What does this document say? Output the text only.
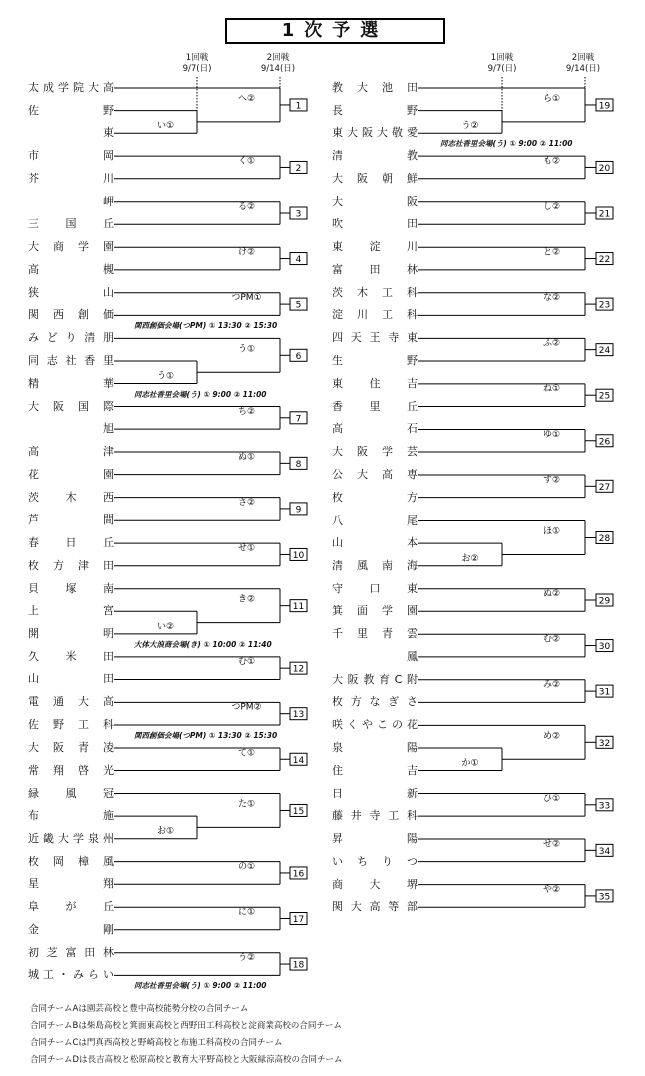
1次予選
1回戦
9/7(日)
2回戦
9/14(日)
1回戦
9/7(日)
2回戦
9/14(日)
い①
へ②
1
く①
2
る②
3
け②
4
つPM①
5
う①
う①
6
ち②
7
ぬ①
8
さ②
9
せ①
10
い②
き②
11
む①
12
つPM②
13
て①
14
お①
た①
15
の①
16
に①
17
う②
18
う②
ら①
19
も②
20
し②
21
と②
22
な②
23
ふ②
24
ね①
25
ゆ①
26
す②
27
お②
ほ①
28
ぬ②
29
む②
30
み②
31
か①
め②
32
ひ①
33
せ②
34
や②
35
太成学院大高
佐野
東
市岡
芥川
岬
三国丘
大商学園
高槻
狭山
関西創価
関西創価会場(つPM) ① 13:30 ② 15:30
みどり清朋
同志社香里
精華
同志社香里会場(う) ① 9:00 ② 11:00
大阪国際
旭
高津
花園
茨木西
芦間
春日丘
枚方津田
貝塚南
上宮
開明
大体大浪商会場(き) ① 10:00 ② 11:40
久米田
山田
電通大高
佐野工科
関西創価会場(つPM) ① 13:30 ② 15:30
大阪青凌
常翔啓光
緑風冠
布施
近畿大学泉州
枚岡樟風
星翔
阜が丘
金剛
初芝富田林
城工・みらい
同志社香里会場(う) ① 9:00 ② 11:00
教大池田
長野
東大阪大敬愛
同志社香里会場(う) ① 9:00 ② 11:00
清教
大阪朝鮮
大阪
吹田
東淀川
富田林
茨木工科
淀川工科
四天王寺東
生野
東住吉
香里丘
高石
大阪学芸
公大高専
枚方
八尾
山本
清風南海
守口東
箕面学園
千里青雲
鳳
大阪教育C附
枚方なぎさ
咲くやこの花
泉陽
住吉
日新
藤井寺工科
昇陽
いちりつ
商大堺
関大高等部
合同チームAは園芸高校と豊中高校能勢分校の合同チーム
合同チームBは柴島高校と箕面東高校と西野田工科高校と淀商業高校の合同チーム
合同チームCは門真西高校と野崎高校と布施工科高校の合同チーム
合同チームDは長吉高校と松原高校と教育大平野高校と大阪緑涼高校の合同チーム
